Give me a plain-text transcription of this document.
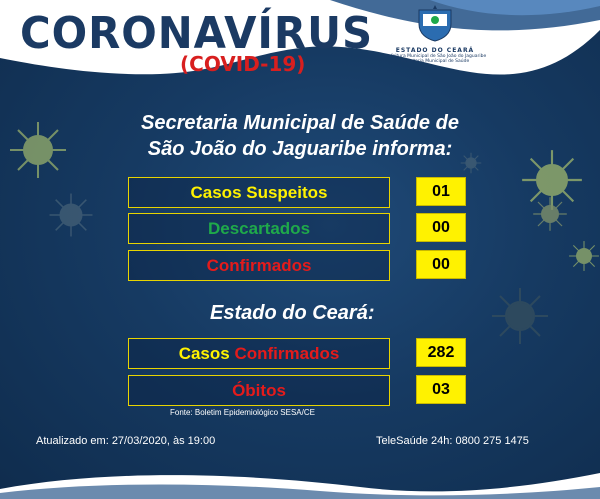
CORONAVÍRUS
(COVID-19)
ESTADO DO CEARÁ
Prefeitura Municipal de São João do Jaguaribe
Secretaria Municipal de Saúde
Secretaria Municipal de Saúde de
São João do Jaguaribe informa:
Casos Suspeitos	01
Descartados	00
Confirmados	00
Estado do Ceará:
Casos Confirmados	282
Óbitos	03
Fonte: Boletim Epidemiológico SESA/CE
Atualizado em: 27/03/2020, às 19:00	TeleSaúde 24h: 0800 275 1475
